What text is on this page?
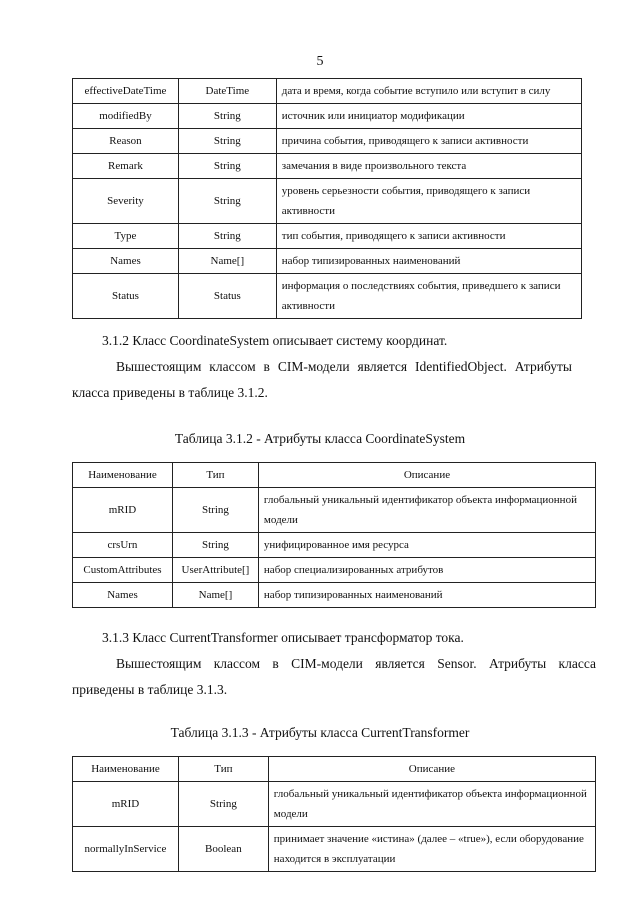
5
effectiveDateTime	DateTime	дата и время, когда событие вступило или вступит в силу
modifiedBy	String	источник или инициатор модификации
Reason	String	причина события, приводящего к записи активности
Remark	String	замечания в виде произвольного текста
Severity	String	уровень серьезности события, приводящего к записи активности
Type	String	тип события, приводящего к записи активности
Names	Name[]	набор типизированных наименований
Status	Status	информация о последствиях события, приведшего к записи активности
3.1.2 Класс CoordinateSystem описывает систему координат.
Вышестоящим классом в CIM-модели является IdentifiedObject. Атрибуты
класса приведены в таблице 3.1.2.
Таблица 3.1.2 - Атрибуты класса CoordinateSystem
Наименование	Тип	Описание
mRID	String	глобальный уникальный идентификатор объекта информационной модели
crsUrn	String	унифицированное имя ресурса
CustomAttributes	UserAttribute[]	набор специализированных атрибутов
Names	Name[]	набор типизированных наименований
3.1.3 Класс CurrentTransformer описывает трансформатор тока.
Вышестоящим классом в CIM-модели является Sensor. Атрибуты класса
приведены в таблице 3.1.3.
Таблица 3.1.3 - Атрибуты класса CurrentTransformer
Наименование	Тип	Описание
mRID	String	глобальный уникальный идентификатор объекта информационной модели
normallyInService	Boolean	принимает значение «истина» (далее – «true»), если оборудование находится в эксплуатации
